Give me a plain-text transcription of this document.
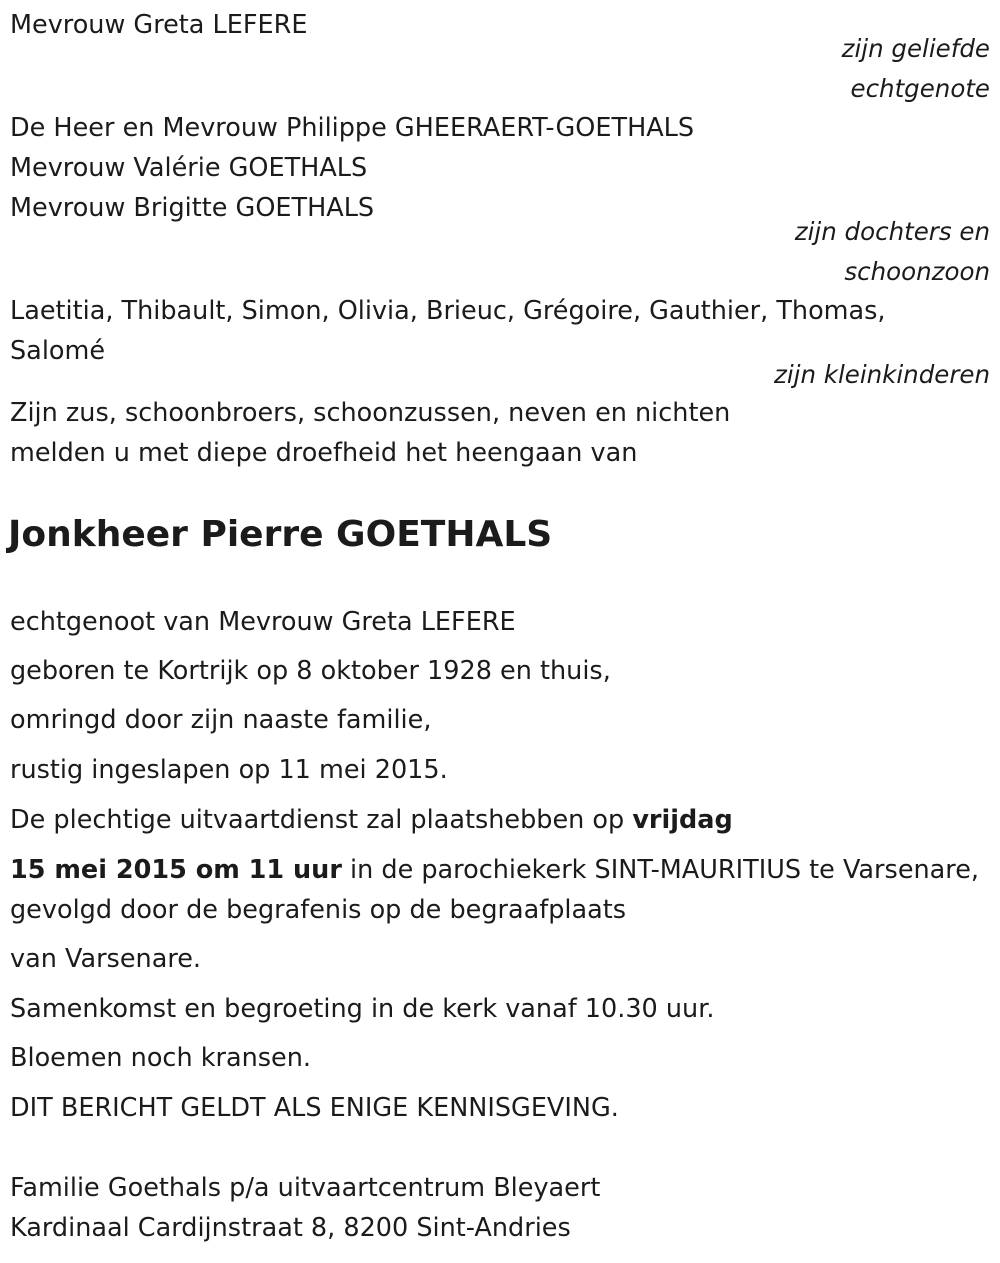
Mevrouw Greta LEFERE
zijn geliefde
echtgenote
De Heer en Mevrouw Philippe GHEERAERT-GOETHALS
Mevrouw Valérie GOETHALS
Mevrouw Brigitte GOETHALS
zijn dochters en
schoonzoon
Laetitia, Thibault, Simon, Olivia, Brieuc, Grégoire, Gauthier, Thomas,
Salomé
zijn kleinkinderen
Zijn zus, schoonbroers, schoonzussen, neven en nichten
melden u met diepe droefheid het heengaan van
Jonkheer Pierre GOETHALS
echtgenoot van Mevrouw Greta LEFERE
geboren te Kortrijk op 8 oktober 1928 en thuis,
omringd door zijn naaste familie,
rustig ingeslapen op 11 mei 2015.
De plechtige uitvaartdienst zal plaatshebben op vrijdag
15 mei 2015 om 11 uur in de parochiekerk SINT-MAURITIUS te Varsenare,
gevolgd door de begrafenis op de begraafplaats
van Varsenare.
Samenkomst en begroeting in de kerk vanaf 10.30 uur.
Bloemen noch kransen.
DIT BERICHT GELDT ALS ENIGE KENNISGEVING.
Familie Goethals p/a uitvaartcentrum Bleyaert
Kardinaal Cardijnstraat 8, 8200 Sint-Andries
